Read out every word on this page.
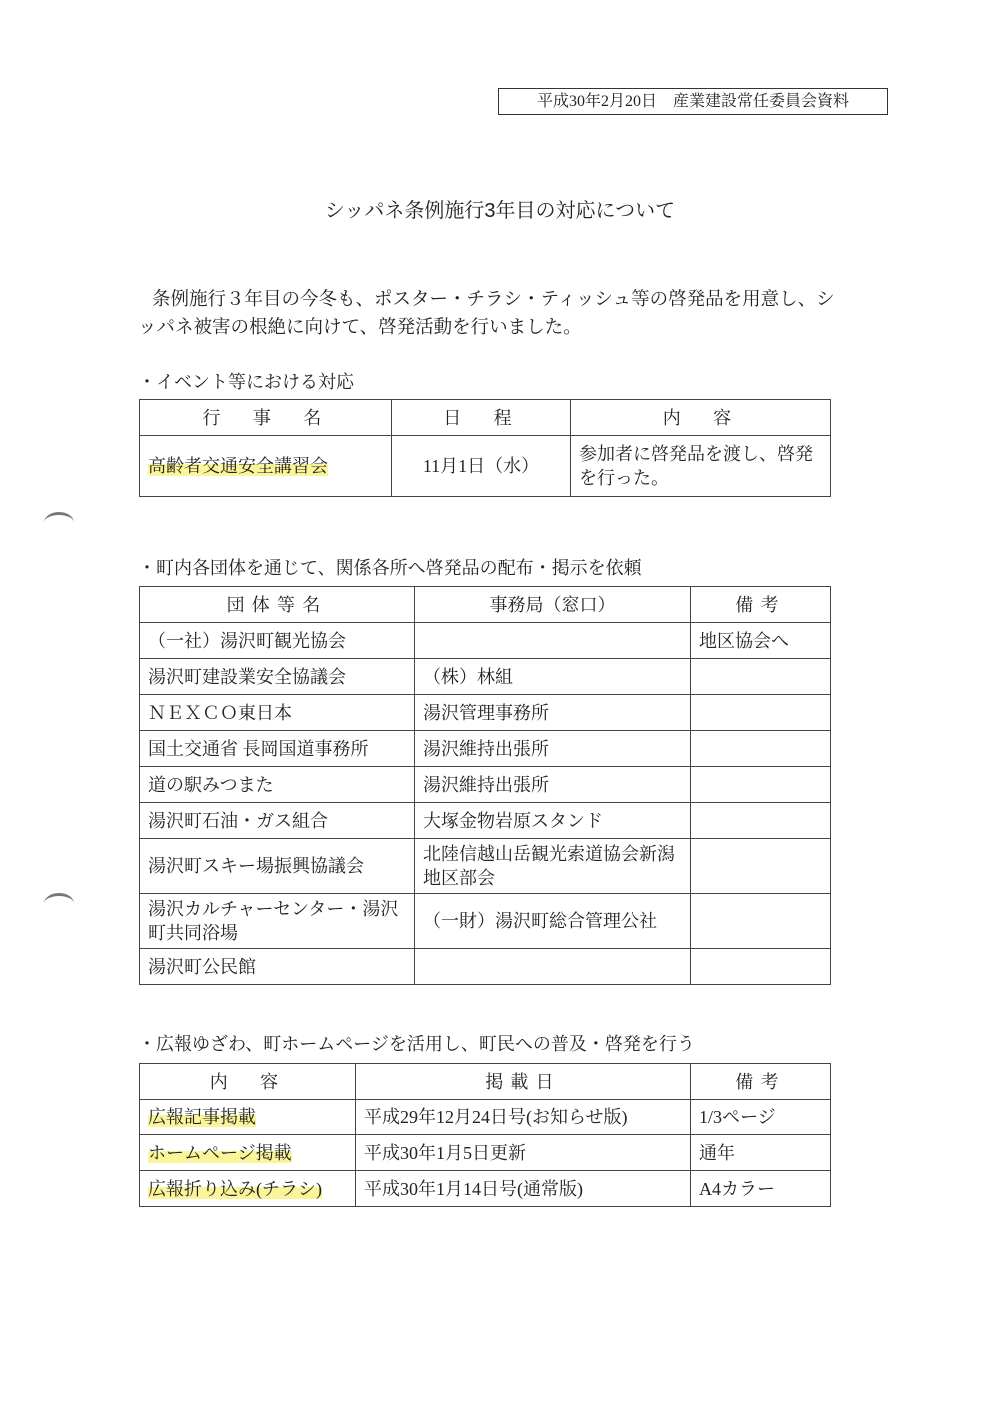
平成30年2月20日　産業建設常任委員会資料
シッパネ条例施行3年目の対応について
条例施行３年目の今冬も、ポスター・チラシ・ティッシュ等の啓発品を用意し、シ
ッパネ被害の根絶に向けて、啓発活動を行いました。
・イベント等における対応
行　事　名	日　程	内　容
高齢者交通安全講習会	11月1日（水）	参加者に啓発品を渡し、啓発を行った。
・町内各団体を通じて、関係各所へ啓発品の配布・掲示を依頼
団体等名	事務局（窓口）	備考
（一社）湯沢町観光協会		地区協会へ
湯沢町建設業安全協議会	（株）林組	
ＮＥＸＣＯ東日本	湯沢管理事務所	
国土交通省 長岡国道事務所	湯沢維持出張所	
道の駅みつまた	湯沢維持出張所	
湯沢町石油・ガス組合	大塚金物岩原スタンド	
湯沢町スキー場振興協議会	北陸信越山岳観光索道協会新潟地区部会	
湯沢カルチャーセンター・湯沢町共同浴場	（一財）湯沢町総合管理公社	
湯沢町公民館		
・広報ゆざわ、町ホームページを活用し、町民への普及・啓発を行う
内　容	掲載日	備考
広報記事掲載	平成29年12月24日号(お知らせ版)	1/3ページ
ホームページ掲載	平成30年1月5日更新	通年
広報折り込み(チラシ)	平成30年1月14日号(通常版)	A4カラー
